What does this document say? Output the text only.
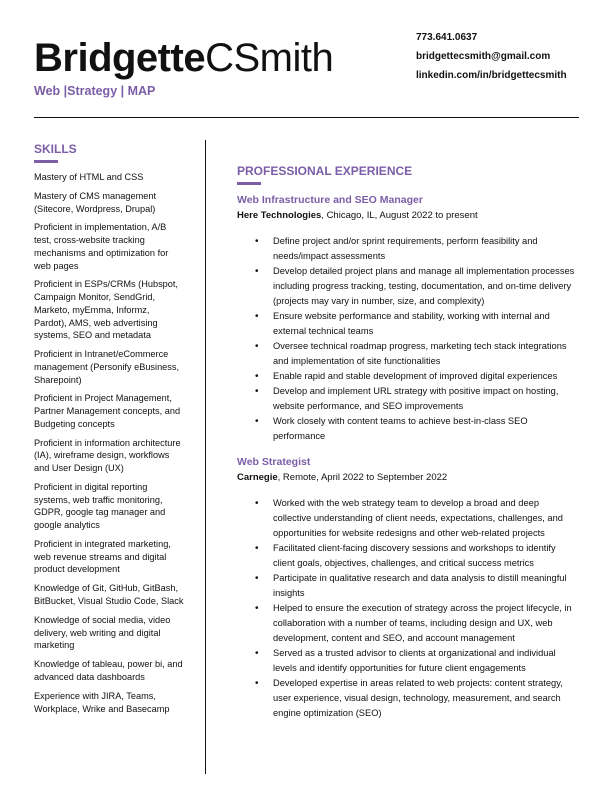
BridgetteCSmith
Web |Strategy | MAP
773.641.0637
bridgettecsmith@gmail.com
linkedin.com/in/bridgettecsmith
SKILLS
Mastery of HTML and CSS
Mastery of CMS management (Sitecore, Wordpress, Drupal)
Proficient in implementation, A/B test, cross-website tracking mechanisms and optimization for web pages
Proficient in ESPs/CRMs (Hubspot, Campaign Monitor, SendGrid, Marketo, myEmma, Informz, Pardot), AMS, web advertising systems, SEO and metadata
Proficient in Intranet/eCommerce management (Personify eBusiness, Sharepoint)
Proficient in Project Management, Partner Management concepts, and Budgeting concepts
Proficient in information architecture (IA), wireframe design, workflows and User Design (UX)
Proficient in digital reporting systems, web traffic monitoring, GDPR, google tag manager and google analytics
Proficient in integrated marketing, web revenue streams and digital product development
Knowledge of Git, GitHub, GitBash, BitBucket, Visual Studio Code, Slack
Knowledge of social media, video delivery, web writing and digital marketing
Knowledge of tableau, power bi, and advanced data dashboards
Experience with JIRA, Teams, Workplace, Wrike and Basecamp
PROFESSIONAL EXPERIENCE
Web Infrastructure and SEO Manager
Here Technologies, Chicago, IL, August 2022 to present
• Define project and/or sprint requirements, perform feasibility and needs/impact assessments
• Develop detailed project plans and manage all implementation processes including progress tracking, testing, documentation, and on-time delivery (projects may vary in number, size, and complexity)
• Ensure website performance and stability, working with internal and external technical teams
• Oversee technical roadmap progress, marketing tech stack integrations and implementation of site functionalities
• Enable rapid and stable development of improved digital experiences
• Develop and implement URL strategy with positive impact on hosting, website performance, and SEO improvements
• Work closely with content teams to achieve best-in-class SEO performance
Web Strategist
Carnegie, Remote, April 2022 to September 2022
• Worked with the web strategy team to develop a broad and deep collective understanding of client needs, expectations, challenges, and opportunities for website redesigns and other web-related projects
• Facilitated client-facing discovery sessions and workshops to identify client goals, objectives, challenges, and critical success metrics
• Participate in qualitative research and data analysis to distill meaningful insights
• Helped to ensure the execution of strategy across the project lifecycle, in collaboration with a number of teams, including design and UX, web development, content and SEO, and account management
• Served as a trusted advisor to clients at organizational and individual levels and identify opportunities for future client engagements
• Developed expertise in areas related to web projects: content strategy, user experience, visual design, technology, measurement, and search engine optimization (SEO)
